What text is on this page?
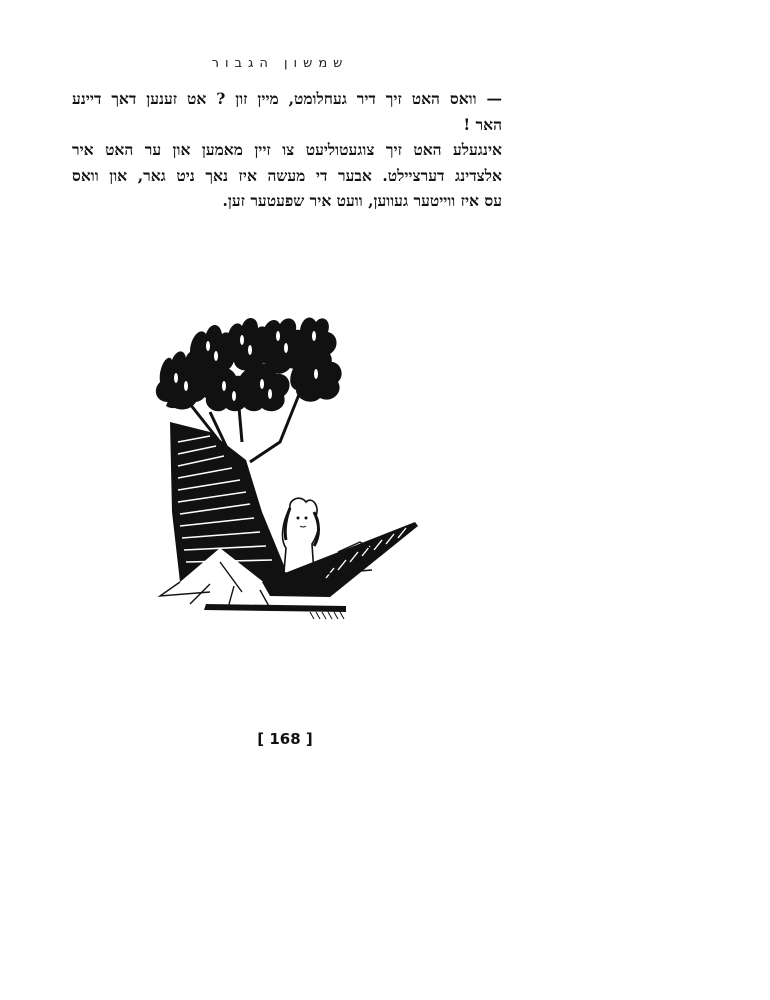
שמשון הגבור

— וואס האט זיך דיר געחלומט, מיין זון ? אט זענען דאך דיינע
האר !

אינגעלע האט זיך צוגעטוליעט צו זיין מאמען און ער האט איר
אלצדינג דערציילט. אבער די מעשה איז נאך ניט גאר, און וואס
עס איז ווייטער געווען, וועט איר שפעטער זען.

[ 168 ]
